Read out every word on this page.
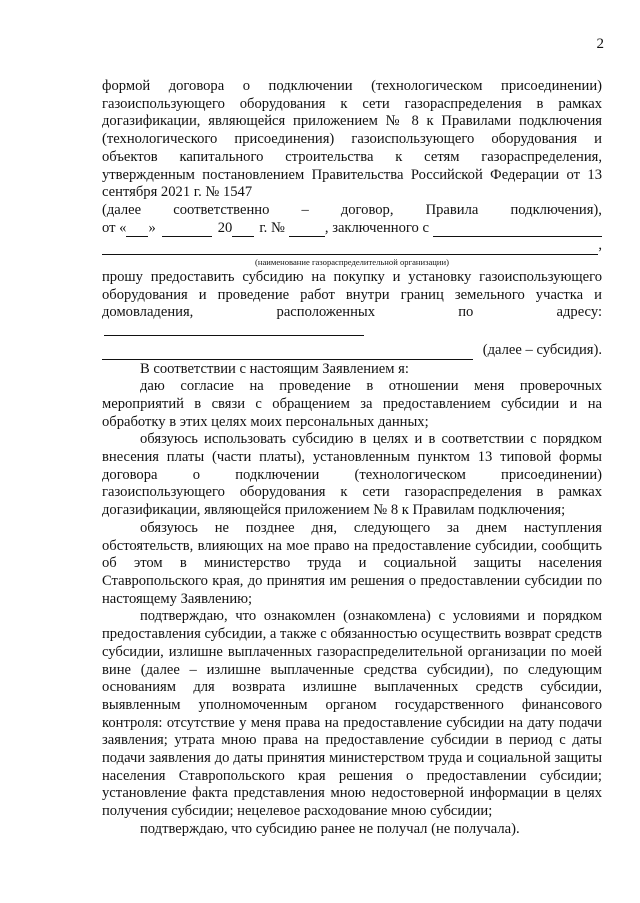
2

формой договора о подключении (технологическом присоединении) газоиспользующего оборудования к сети газораспределения в рамках догазификации, являющейся приложением № 8 к Правилами подключения (технологического присоединения) газоиспользующего оборудования и объектов капитального строительства к сетям газораспределения, утвержденным постановлением Правительства Российской Федерации от 13 сентября 2021 г. № 1547

(далее соответственно – договор, Правила подключения),
от « »	20 г. №	, заключенного с
,
(наименование газораспределительной организации)

прошу предоставить субсидию на покупку и установку газоиспользующего оборудования и проведение работ внутри границ земельного участка и домовладения, расположенных по адресу:

(далее – субсидия).

В соответствии с настоящим Заявлением я:

даю согласие на проведение в отношении меня проверочных мероприятий в связи с обращением за предоставлением субсидии и на обработку в этих целях моих персональных данных;

обязуюсь использовать субсидию в целях и в соответствии с порядком внесения платы (части платы), установленным пунктом 13 типовой формы договора о подключении (технологическом присоединении) газоиспользующего оборудования к сети газораспределения в рамках догазификации, являющейся приложением № 8 к Правилам подключения;

обязуюсь не позднее дня, следующего за днем наступления обстоятельств, влияющих на мое право на предоставление субсидии, сообщить об этом в министерство труда и социальной защиты населения Ставропольского края, до принятия им решения о предоставлении субсидии по настоящему Заявлению;

подтверждаю, что ознакомлен (ознакомлена) с условиями и порядком предоставления субсидии, а также с обязанностью осуществить возврат средств субсидии, излишне выплаченных газораспределительной организации по моей вине (далее – излишне выплаченные средства субсидии), по следующим основаниям для возврата излишне выплаченных средств субсидии, выявленным уполномоченным органом государственного финансового контроля: отсутствие у меня права на предоставление субсидии на дату подачи заявления; утрата мною права на предоставление субсидии в период с даты подачи заявления до даты принятия министерством труда и социальной защиты населения Ставропольского края решения о предоставлении субсидии; установление факта представления мною недостоверной информации в целях получения субсидии; нецелевое расходование мною субсидии;

подтверждаю, что субсидию ранее не получал (не получала).
